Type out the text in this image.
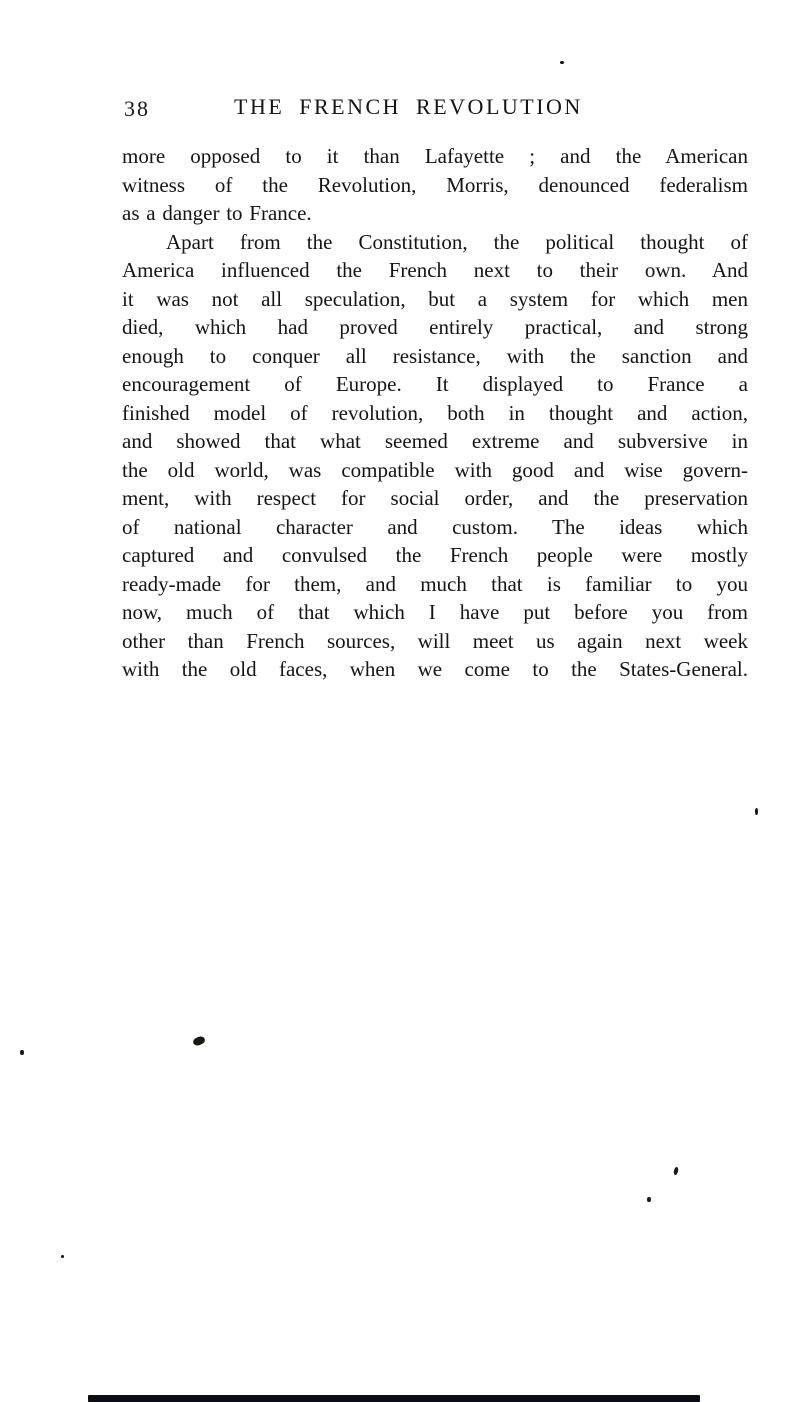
38	THE FRENCH REVOLUTION
more opposed to it than Lafayette ; and the American
witness of the Revolution, Morris, denounced federalism
as a danger to France.
Apart from the Constitution, the political thought of
America influenced the French next to their own. And
it was not all speculation, but a system for which men
died, which had proved entirely practical, and strong
enough to conquer all resistance, with the sanction and
encouragement of Europe. It displayed to France a
finished model of revolution, both in thought and action,
and showed that what seemed extreme and subversive in
the old world, was compatible with good and wise govern-
ment, with respect for social order, and the preservation
of national character and custom. The ideas which
captured and convulsed the French people were mostly
ready-made for them, and much that is familiar to you
now, much of that which I have put before you from
other than French sources, will meet us again next week
with the old faces, when we come to the States-General.
